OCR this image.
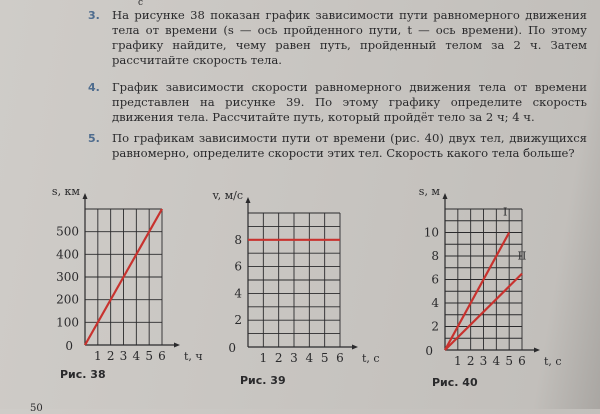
с
3. На рисунке 38 показан график зависимости пути равномерного движения тела от времени (s — ось пройденного пути, t — ось времени). По этому графику найдите, чему равен путь, пройденный телом за 2 ч. Затем рассчитайте скорость тела.
4. График зависимости скорости равномерного движения тела от времени представлен на рисунке 39. По этому графику определите скорость движения тела. Рассчитайте путь, который пройдёт тело за 2 ч; 4 ч.
5. По графикам зависимости пути от времени (рис. 40) двух тел, движущихся равномерно, определите скорости этих тел. Скорость какого тела больше?
1 2 3 4 5 6
100
200
300
400
500
0
t, ч
s, км
Рис. 38
1 2 3 4 5 6
2
4
6
8
0
t, с
v, м/с
Рис. 39
1 2 3 4 5 6
2
4
6
8
10
0
t, с
s, м
Рис. 40
I
II
50
